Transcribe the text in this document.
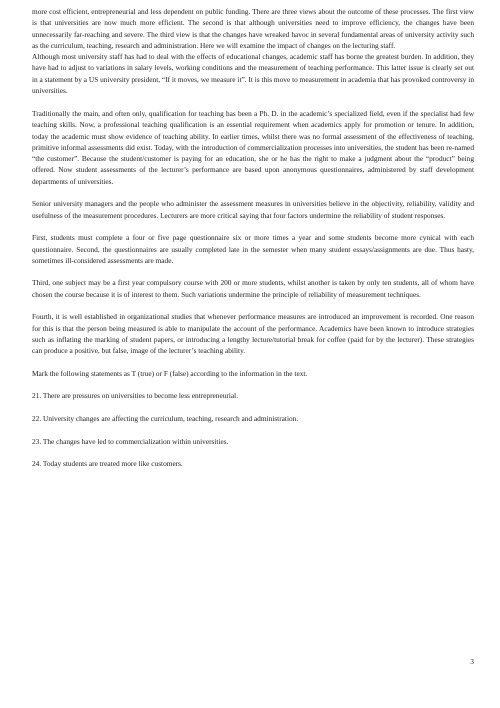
more cost efficient, entrepreneurial and less dependent on public funding. There are three views about the outcome of these processes. The first view is that universities are now much more efficient. The second is that although universities need to improve efficiency, the changes have been unnecessarily far-reaching and severe. The third view is that the changes have wreaked havoc in several fundamental areas of university activity such as the curriculum, teaching, research and administration. Here we will examine the impact of changes on the lecturing staff.

Although most university staff has had to deal with the effects of educational changes, academic staff has borne the greatest burden. In addition, they have had to adjust to variations in salary levels, working conditions and the measurement of teaching performance. This latter issue is clearly set out in a statement by a US university president, “If it moves, we measure it”. It is this move to measurement in academia that has provoked controversy in universities.

Traditionally the main, and often only, qualification for teaching has been a Ph. D. in the academic’s specialized field, even if the specialist had few teaching skills. Now, a professional teaching qualification is an essential requirement when academics apply for promotion or tenure. In addition, today the academic must show evidence of teaching ability. In earlier times, whilst there was no formal assessment of the effectiveness of teaching, primitive informal assessments did exist. Today, with the introduction of commercialization processes into universities, the student has been re-named “the customer”. Because the student/customer is paying for an education, she or he has the right to make a judgment about the “product” being offered. Now student assessments of the lecturer’s performance are based upon anonymous questionnaires, administered by staff development departments of universities.

Senior university managers and the people who administer the assessment measures in universities believe in the objectivity, reliability, validity and usefulness of the measurement procedures. Lecturers are more critical saying that four factors undermine the reliability of student responses.

First, students must complete a four or five page questionnaire six or more times a year and some students become more cynical with each questionnaire. Second, the questionnaires are usually completed late in the semester when many student essays/assignments are due. Thus hasty, sometimes ill-considered assessments are made.

Third, one subject may be a first year compulsory course with 200 or more students, whilst another is taken by only ten students, all of whom have chosen the course because it is of interest to them. Such variations undermine the principle of reliability of measurement techniques.

Fourth, it is well established in organizational studies that whenever performance measures are introduced an improvement is recorded. One reason for this is that the person being measured is able to manipulate the account of the performance. Academics have been known to introduce strategies such as inflating the marking of student papers, or introducing a lengthy lecture/tutorial break for coffee (paid for by the lecturer). These strategies can produce a positive, but false, image of the lecturer’s teaching ability.

Mark the following statements as T (true) or F (false) according to the information in the text.

21. There are pressures on universities to become less entrepreneurial.

22. University changes are affecting the curriculum, teaching, research and administration.

23. The changes have led to commercialization within universities.

24. Today students are treated more like customers.

3
